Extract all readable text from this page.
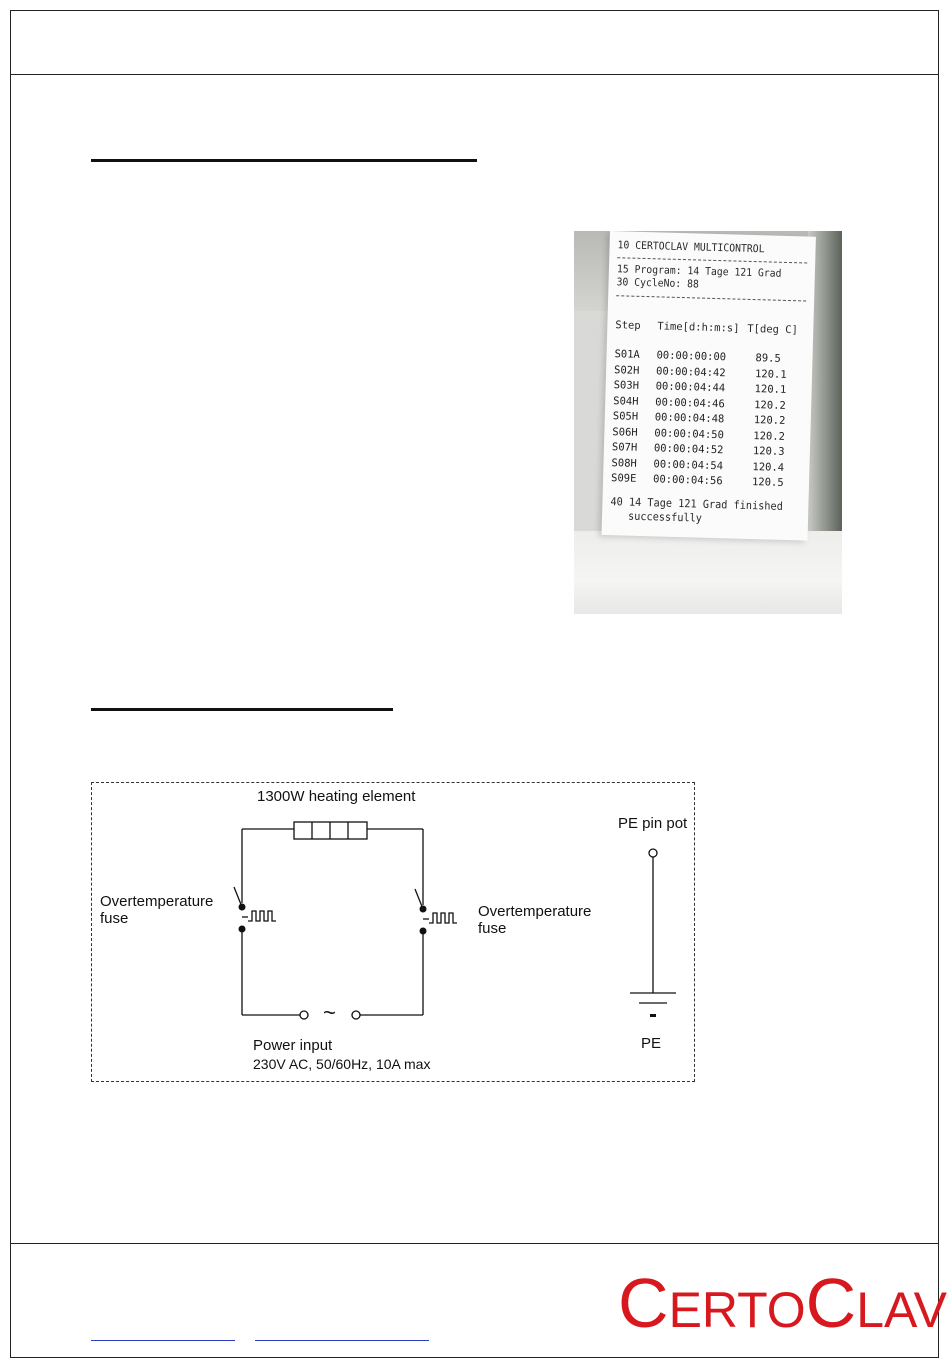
10 CERTOCLAV MULTICONTROL
15 Program: 14 Tage 121 Grad
30 CycleNo: 88
Step Time[d:h:m:s] T[deg C]
S01A 00:00:00:00	89.5
S02H 00:00:04:42	120.1
S03H 00:00:04:44	120.1
S04H 00:00:04:46	120.2
S05H 00:00:04:48	120.2
S06H 00:00:04:50	120.2
S07H 00:00:04:52	120.3
S08H 00:00:04:54	120.4
S09E 00:00:04:56	120.5
40 14 Tage 121 Grad finished
successfully
1300W heating element
Overtemperature
fuse	Overtemperature
fuse
PE pin pot
~
Power input
230V AC, 50/60Hz, 10A max
PE
CERTOCLAV
